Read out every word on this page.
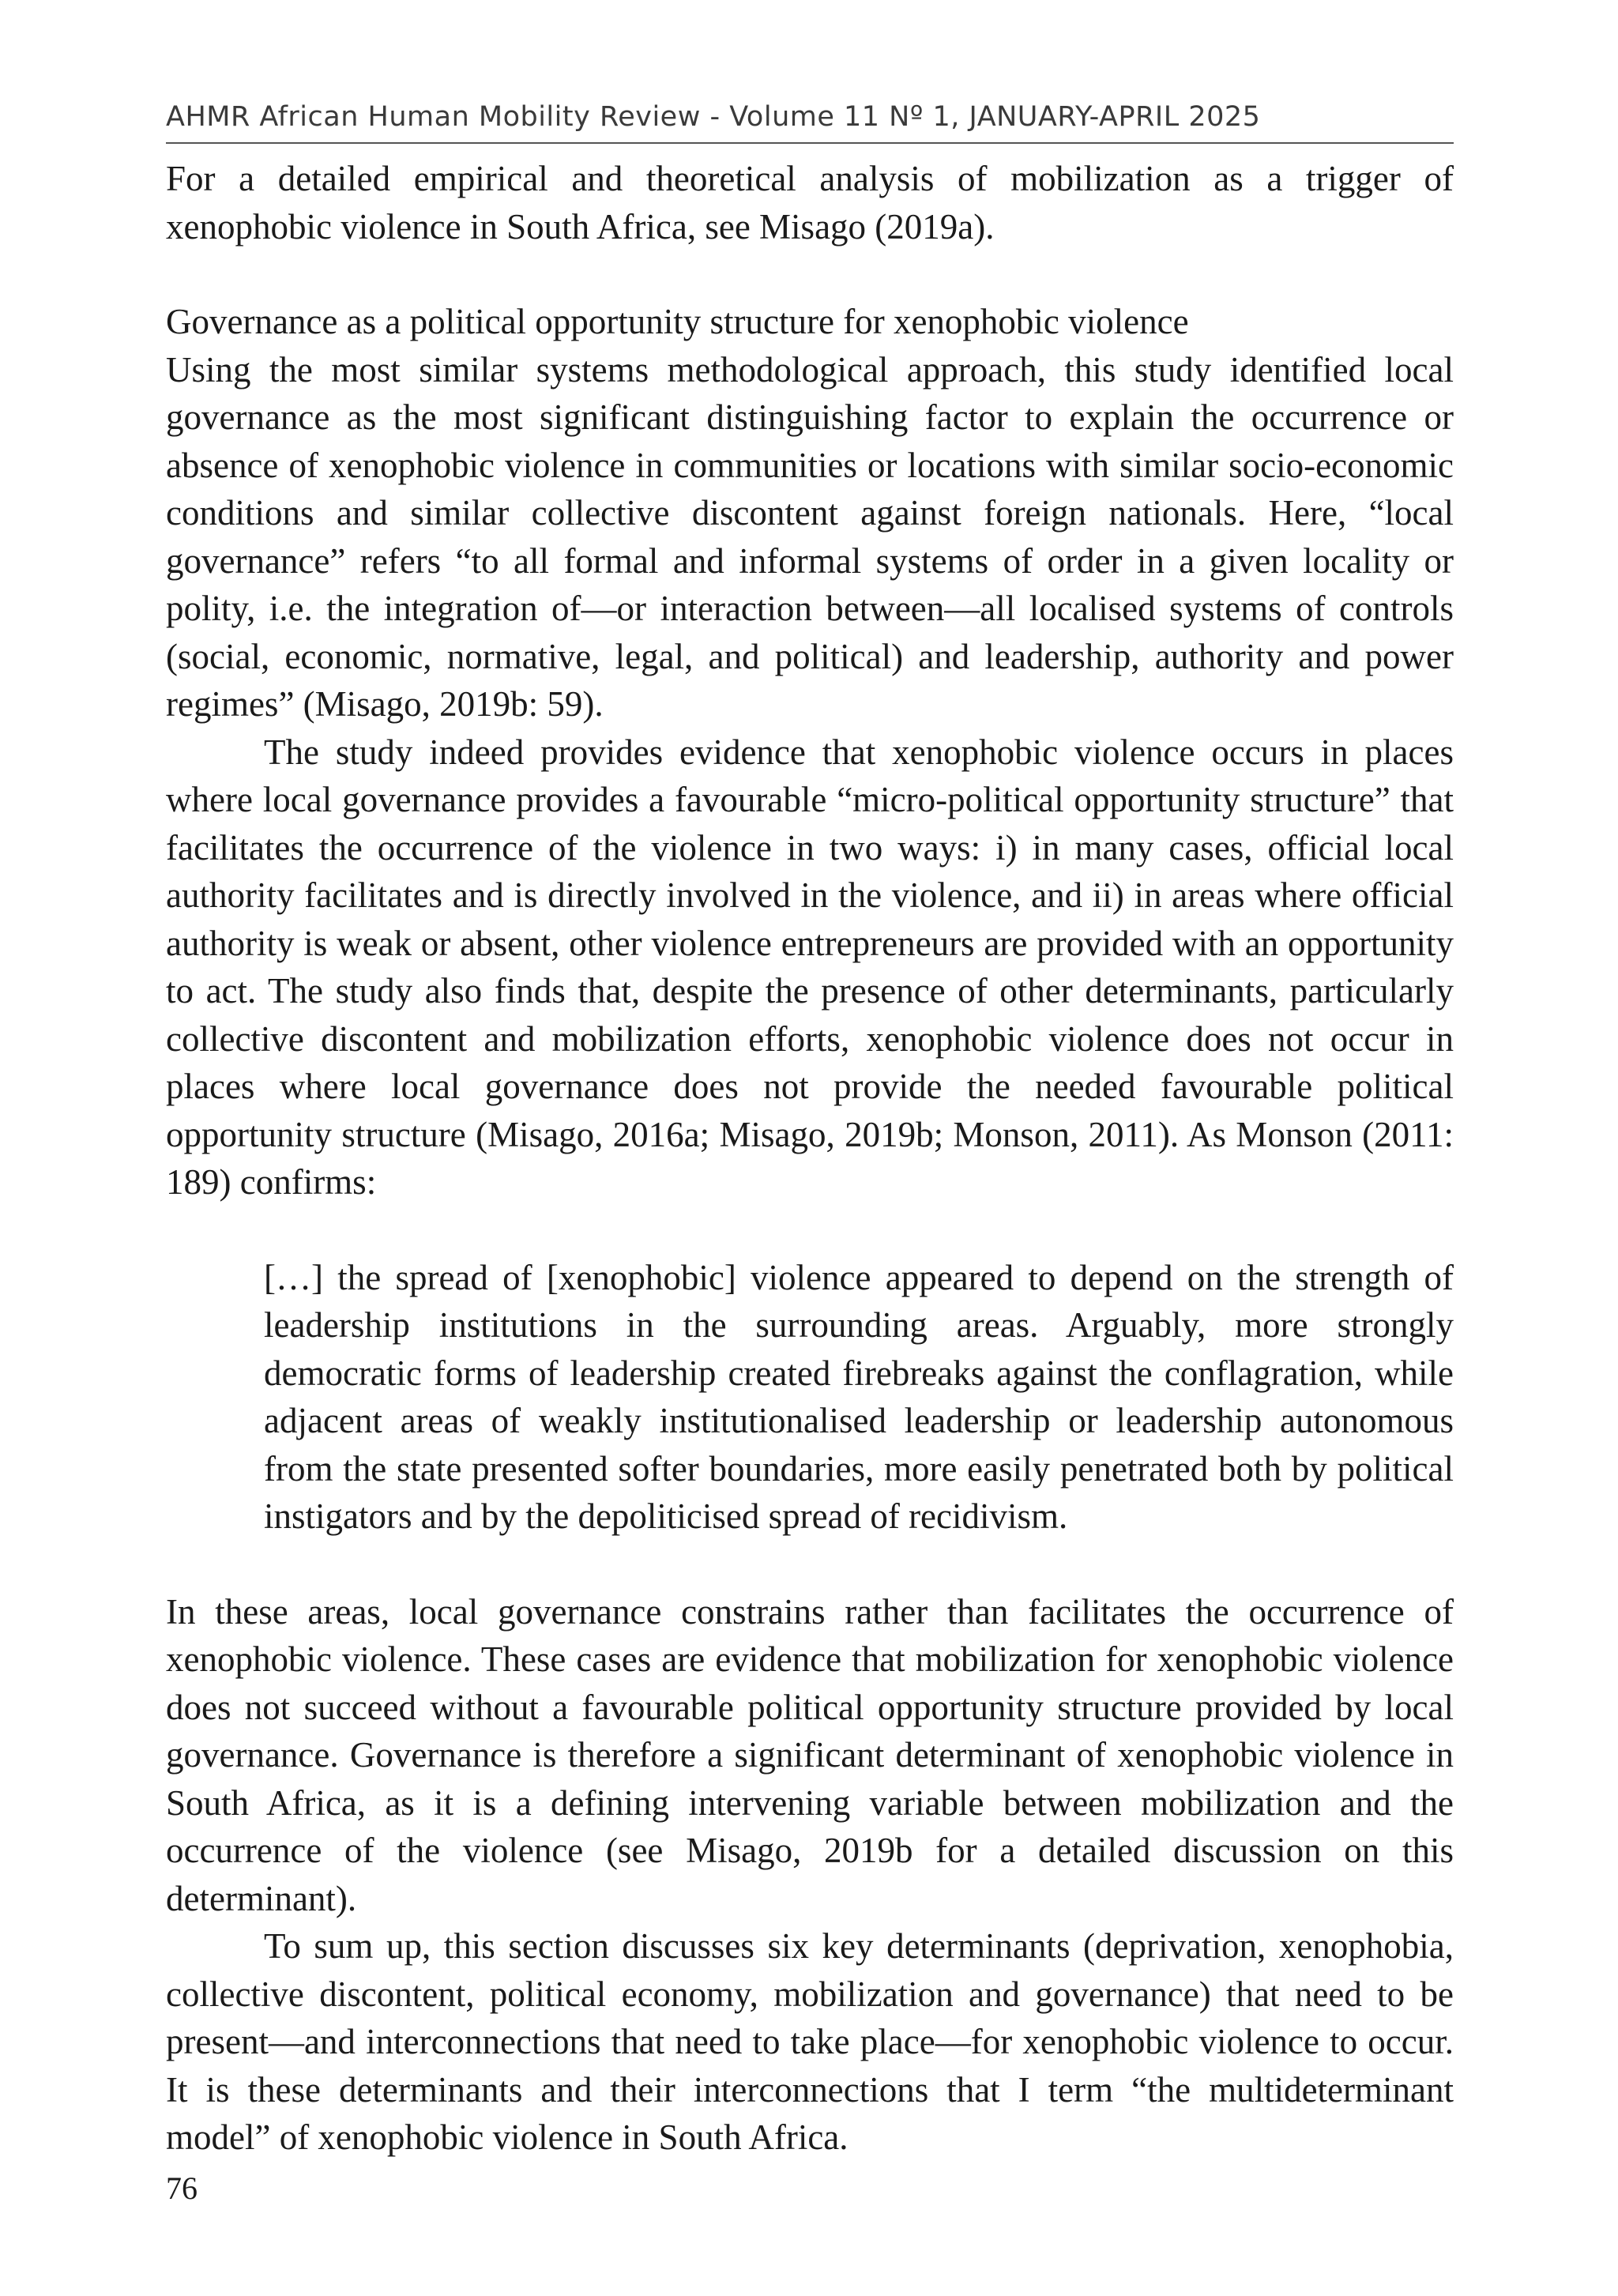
AHMR African Human Mobility Review - Volume 11 Nº 1, JANUARY-APRIL 2025

For a detailed empirical and theoretical analysis of mobilization as a trigger of xenophobic violence in South Africa, see Misago (2019a).

Governance as a political opportunity structure for xenophobic violence

Using the most similar systems methodological approach, this study identified local governance as the most significant distinguishing factor to explain the occurrence or absence of xenophobic violence in communities or locations with similar socio-economic conditions and similar collective discontent against foreign nationals. Here, “local governance” refers “to all formal and informal systems of order in a given locality or polity, i.e. the integration of—or interaction between—all localised systems of controls (social, economic, normative, legal, and political) and leadership, authority and power regimes” (Misago, 2019b: 59).

The study indeed provides evidence that xenophobic violence occurs in places where local governance provides a favourable “micro-political opportunity structure” that facilitates the occurrence of the violence in two ways: i) in many cases, official local authority facilitates and is directly involved in the violence, and ii) in areas where official authority is weak or absent, other violence entrepreneurs are provided with an opportunity to act. The study also finds that, despite the presence of other determinants, particularly collective discontent and mobilization efforts, xenophobic violence does not occur in places where local governance does not provide the needed favourable political opportunity structure (Misago, 2016a; Misago, 2019b; Monson, 2011). As Monson (2011: 189) confirms:

[…] the spread of [xenophobic] violence appeared to depend on the strength of leadership institutions in the surrounding areas. Arguably, more strongly democratic forms of leadership created firebreaks against the conflagration, while adjacent areas of weakly institutionalised leadership or leadership autonomous from the state presented softer boundaries, more easily penetrated both by political instigators and by the depoliticised spread of recidivism.

In these areas, local governance constrains rather than facilitates the occurrence of xenophobic violence. These cases are evidence that mobilization for xenophobic violence does not succeed without a favourable political opportunity structure provided by local governance. Governance is therefore a significant determinant of xenophobic violence in South Africa, as it is a defining intervening variable between mobilization and the occurrence of the violence (see Misago, 2019b for a detailed discussion on this determinant).

To sum up, this section discusses six key determinants (deprivation, xenophobia, collective discontent, political economy, mobilization and governance) that need to be present—and interconnections that need to take place—for xenophobic violence to occur. It is these determinants and their interconnections that I term “the multideterminant model” of xenophobic violence in South Africa.

76
